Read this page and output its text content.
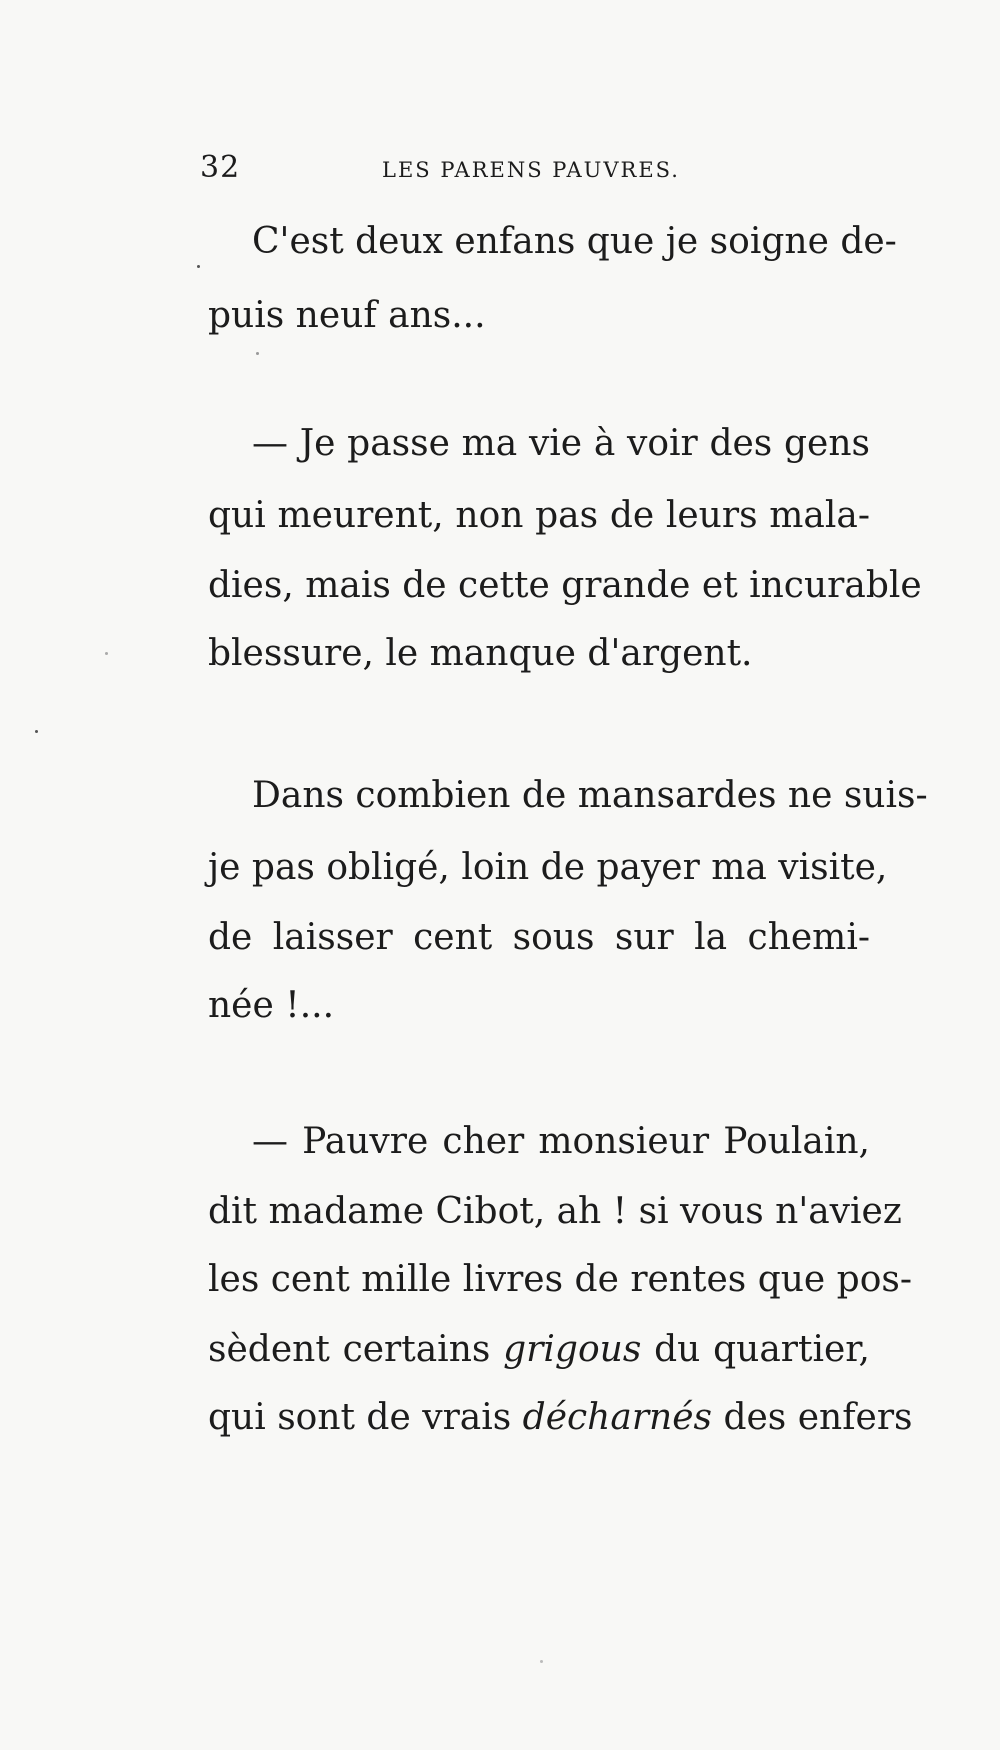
32	LES PARENS PAUVRES.
C'est deux enfans que je soigne de-
puis neuf ans...
— Je passe ma vie à voir des gens
qui meurent, non pas de leurs mala-
dies, mais de cette grande et incurable
blessure, le manque d'argent.
Dans combien de mansardes ne suis-
je pas obligé, loin de payer ma visite,
de laisser cent sous sur la chemi-
née !...
— Pauvre cher monsieur Poulain,
dit madame Cibot, ah ! si vous n'aviez
les cent mille livres de rentes que pos-
sèdent certains grigous du quartier,
qui sont de vrais décharnés des enfers
